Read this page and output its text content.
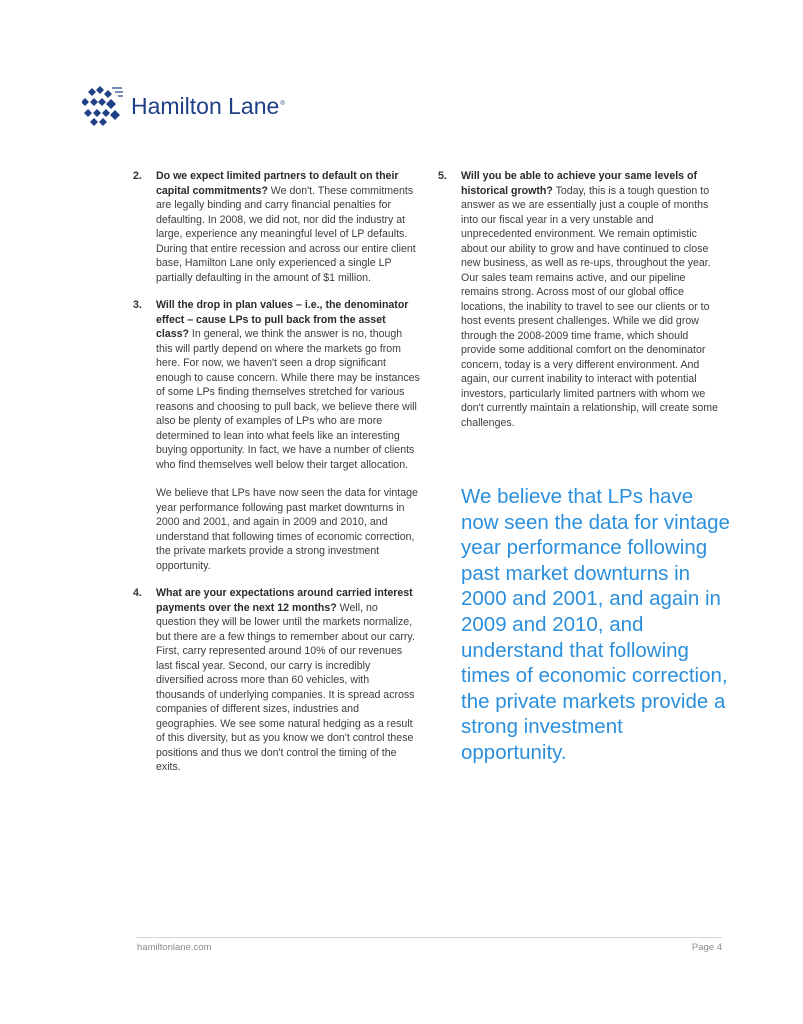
Hamilton Lane®
2. Do we expect limited partners to default on their capital commitments? We don't. These commitments are legally binding and carry financial penalties for defaulting. In 2008, we did not, nor did the industry at large, experience any meaningful level of LP defaults. During that entire recession and across our entire client base, Hamilton Lane only experienced a single LP partially defaulting in the amount of $1 million.
3. Will the drop in plan values – i.e., the denominator effect – cause LPs to pull back from the asset class? In general, we think the answer is no, though this will partly depend on where the markets go from here. For now, we haven't seen a drop significant enough to cause concern. While there may be instances of some LPs finding themselves stretched for various reasons and choosing to pull back, we believe there will also be plenty of examples of LPs who are more determined to lean into what feels like an interesting buying opportunity. In fact, we have a number of clients who find themselves well below their target allocation.
We believe that LPs have now seen the data for vintage year performance following past market downturns in 2000 and 2001, and again in 2009 and 2010, and understand that following times of economic correction, the private markets provide a strong investment opportunity.
4. What are your expectations around carried interest payments over the next 12 months? Well, no question they will be lower until the markets normalize, but there are a few things to remember about our carry. First, carry represented around 10% of our revenues last fiscal year. Second, our carry is incredibly diversified across more than 60 vehicles, with thousands of underlying companies. It is spread across companies of different sizes, industries and geographies. We see some natural hedging as a result of this diversity, but as you know we don't control these positions and thus we don't control the timing of the exits.
5. Will you be able to achieve your same levels of historical growth? Today, this is a tough question to answer as we are essentially just a couple of months into our fiscal year in a very unstable and unprecedented environment. We remain optimistic about our ability to grow and have continued to close new business, as well as re-ups, throughout the year. Our sales team remains active, and our pipeline remains strong. Across most of our global office locations, the inability to travel to see our clients or to host events present challenges. While we did grow through the 2008-2009 time frame, which should provide some additional comfort on the denominator concern, today is a very different environment. And again, our current inability to interact with potential investors, particularly limited partners with whom we don't currently maintain a relationship, will create some challenges.
We believe that LPs have now seen the data for vintage year performance following past market downturns in 2000 and 2001, and again in 2009 and 2010, and understand that following times of economic correction, the private markets provide a strong investment opportunity.
hamiltonlane.com	Page 4
